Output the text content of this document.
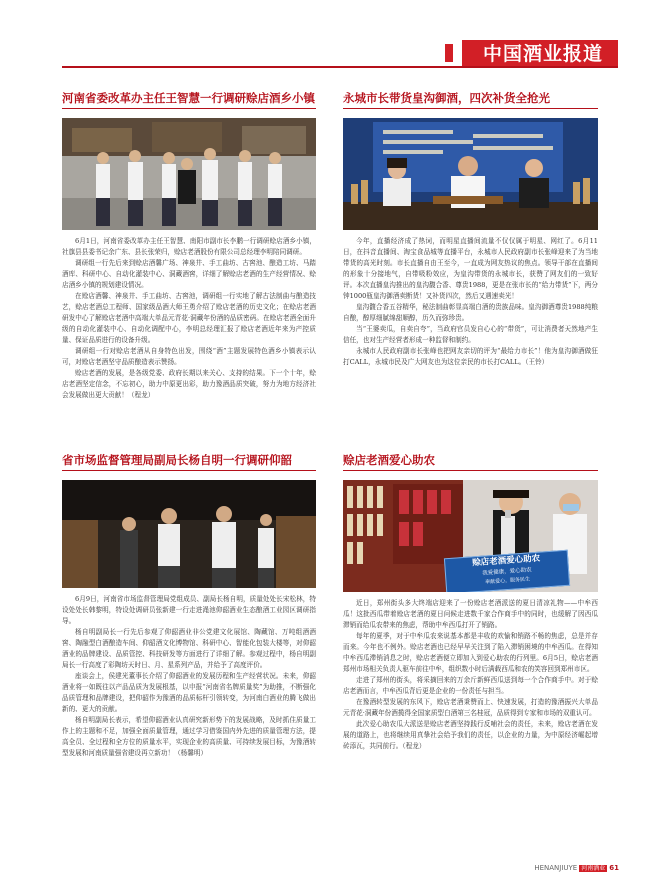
中国酒业报道
河南省委改革办主任王智慧一行调研赊店酒乡小镇

6月1日，河南省委改革办主任王智慧、南阳市副市长李鹏一行调研赊店酒乡小镇，社旗县县委书记余广东、县长张荣归，赊店老酒股份有限公司总经理李明陪同调研。

调研组一行先后来到赊店酒馨广场、神泉井、手工曲坊、古窖池、酿造工坊、马踏酒库、科研中心、自动化灌装中心、洞藏酒窖，详细了解赊店老酒的生产经营情况、赊店酒乡小镇的规划建设情况。

在赊店酒馨、神泉井、手工曲坊、古窖池，调研组一行实地了解古法制曲与酿造技艺，赊店老酒总工程师、国家级品酒大师王勇介绍了赊店老酒的历史文化；在赊店老酒研发中心了解赊店老酒中高端大单品元青花·洞藏年份酒的品质密码。在赊店老酒全面升级的自动化灌装中心、自动化调配中心，李明总经理汇报了赊店老酒近年来为产控质量、保证品质进行的设备升级。

调研组一行对赊店老酒从自身特色出发，围绕“酒”主题发展特色酒乡小镇表示认可，对赊店老酒坚守品质酿造表示赞扬。

赊店老酒的发展，是各级党委、政府长期以来关心、支持的结果。下一个十年，赊店老酒坚定信念，不忘初心，助力中原更出彩，助力豫酒品质突破，努力为地方经济社会发展做出更大贡献！（程龙）

永城市长带货皇沟御酒，四次补货全抢光

今年，直播经济成了热词，而明星直播间流量不仅仅属于明星、网红了。6月11日，在抖音直播间、淘宝食品城等直播平台，永城市人民政府副市长张峰迎来了为当地带货的高光时刻。市长直播自由王至今，一直成为网友热议的焦点。领导干部在直播间的形象十分接地气，自带吸粉效应，为皇沟带货的永城市长，获赞了网友们的一致好评。本次直播皇沟推出的皇沟馥合香、尊贵1988，更是在张市长的“给力带货”下，两分钟1000瓶皇沟御酒卖断货！又补货四次，然后又遇速卖光！

皇沟馥合香五谷精华，秘法制曲彰显高端白酒的贵族品味。皇沟御酒尊贵1988纯粮自酿，醇厚细腻绵甜顺醇，历久而弥珍贵。

当“王婆卖瓜，自卖自夸”，当政府官员发自心心的“带货”，可让消费者天然地产生信任，也对生产经营者形成一种监督和制约。

永城市人民政府副市长张峰也把网友亲切的评为“最给力市长”！他为皇沟御酒做狂打CALL，永城市民及广大网友也为这位亲民的市长打CALL。（王铃）

省市场监督管理局副局长杨自明一行调研仰韶

6月9日，河南省市场监督管理局党组成员、副局长杨自明，质量处处长宋松林，特设处处长韩黎明，特设处调研员张新建一行走进渑池仰韶酒业生态酿酒工业园区调研指导。

杨自明副局长一行先后参观了仰韶酒业非公党建文化展馆、陶藏馆、万吨组酒酒窖、陶融型白酒酿造车间、仰韶酒文化博物馆、科研中心、智能化包装大楼等，对仰韶酒业的品牌建设、品质管控、科技研发等方面进行了详细了解。参观过程中，杨自明副局长一行高度了彩陶坊天时日、月、星系列产品，并给予了高度评价。

座谈会上，侯建光董事长介绍了仰韶酒业的发展历程和生产经营状况。未来，仰韶酒业将一如既往以产品品质为发展根基，以申报“河南省名牌质量奖”为助推，不断强化品质管理和品牌建设，把仰韶作为豫酒的品质标杆引领转变，为河南白酒业的腾飞做出新的、更大的贡献。

杨自明副局长表示，希望仰韶酒业认真研究新形势下的发展战略，及时抓住质量工作上的主题和不足，加强全面质量管理，通过学习借鉴国内外先进的质量管理方法，提高全员、全过程和全方位的质量水平，实现企业的高质量、可持续发展目标，为豫酒转型发展和河南质量强省建设再立新功！（杨馨明）

赊店老酒爱心助农
赊店老酒爱心助农
我爱健康，爱心助农
奉献爱心，服务民生

近日，郑州街头多大终端店迎来了一份赊店老酒派送的夏日清凉礼物——中牟西瓜！这批西瓜带着赊店老酒的夏日问候走进数千家合作商手中的同时，也缓解了因西瓜滞销而给瓜农带来的焦虑，帮助中牟西瓜打开了销路。

每年的夏季，对于中牟瓜农来说基本都是丰收的欢愉和销路不畅的焦虑，总是并存而来。今年也不例外。赊店老酒也已经早早关注到了陷入滞销困境的中牟西瓜。在得知中牟西瓜滞销消息之时，赊店老酒便立即加入到爱心助农的行列里。6月5日，赊店老酒郑州市场相关负责人驱车前往中牟，组织数小时后满载西瓜和农的笑容回到郑州市区。

走进了郑州的街头，将采摘回来的万余斤新鲜西瓜送到每一个合作商手中。对于赊店老酒而言，中牟西瓜背后更是企业的一份责任与担当。

在豫酒转型发展的东风下，赊店老酒秉赞而上、快速发展，打造的豫酒振兴大单品元青花·洞藏年份酒揽得全国家质型白酒第三名桂冠，品质得到专家和市场的双重认可。

此次爱心助农瓜大派送是赊店老酒坚持践行反哺社会的责任，未来，赊店老酒在发展的道路上，也将继续用真挚社会给予我们的责任，以企业的力量，为中原经济崛起增砖添瓦，共同前行。（程龙）

HENANJIUYE 河南酒业 61
